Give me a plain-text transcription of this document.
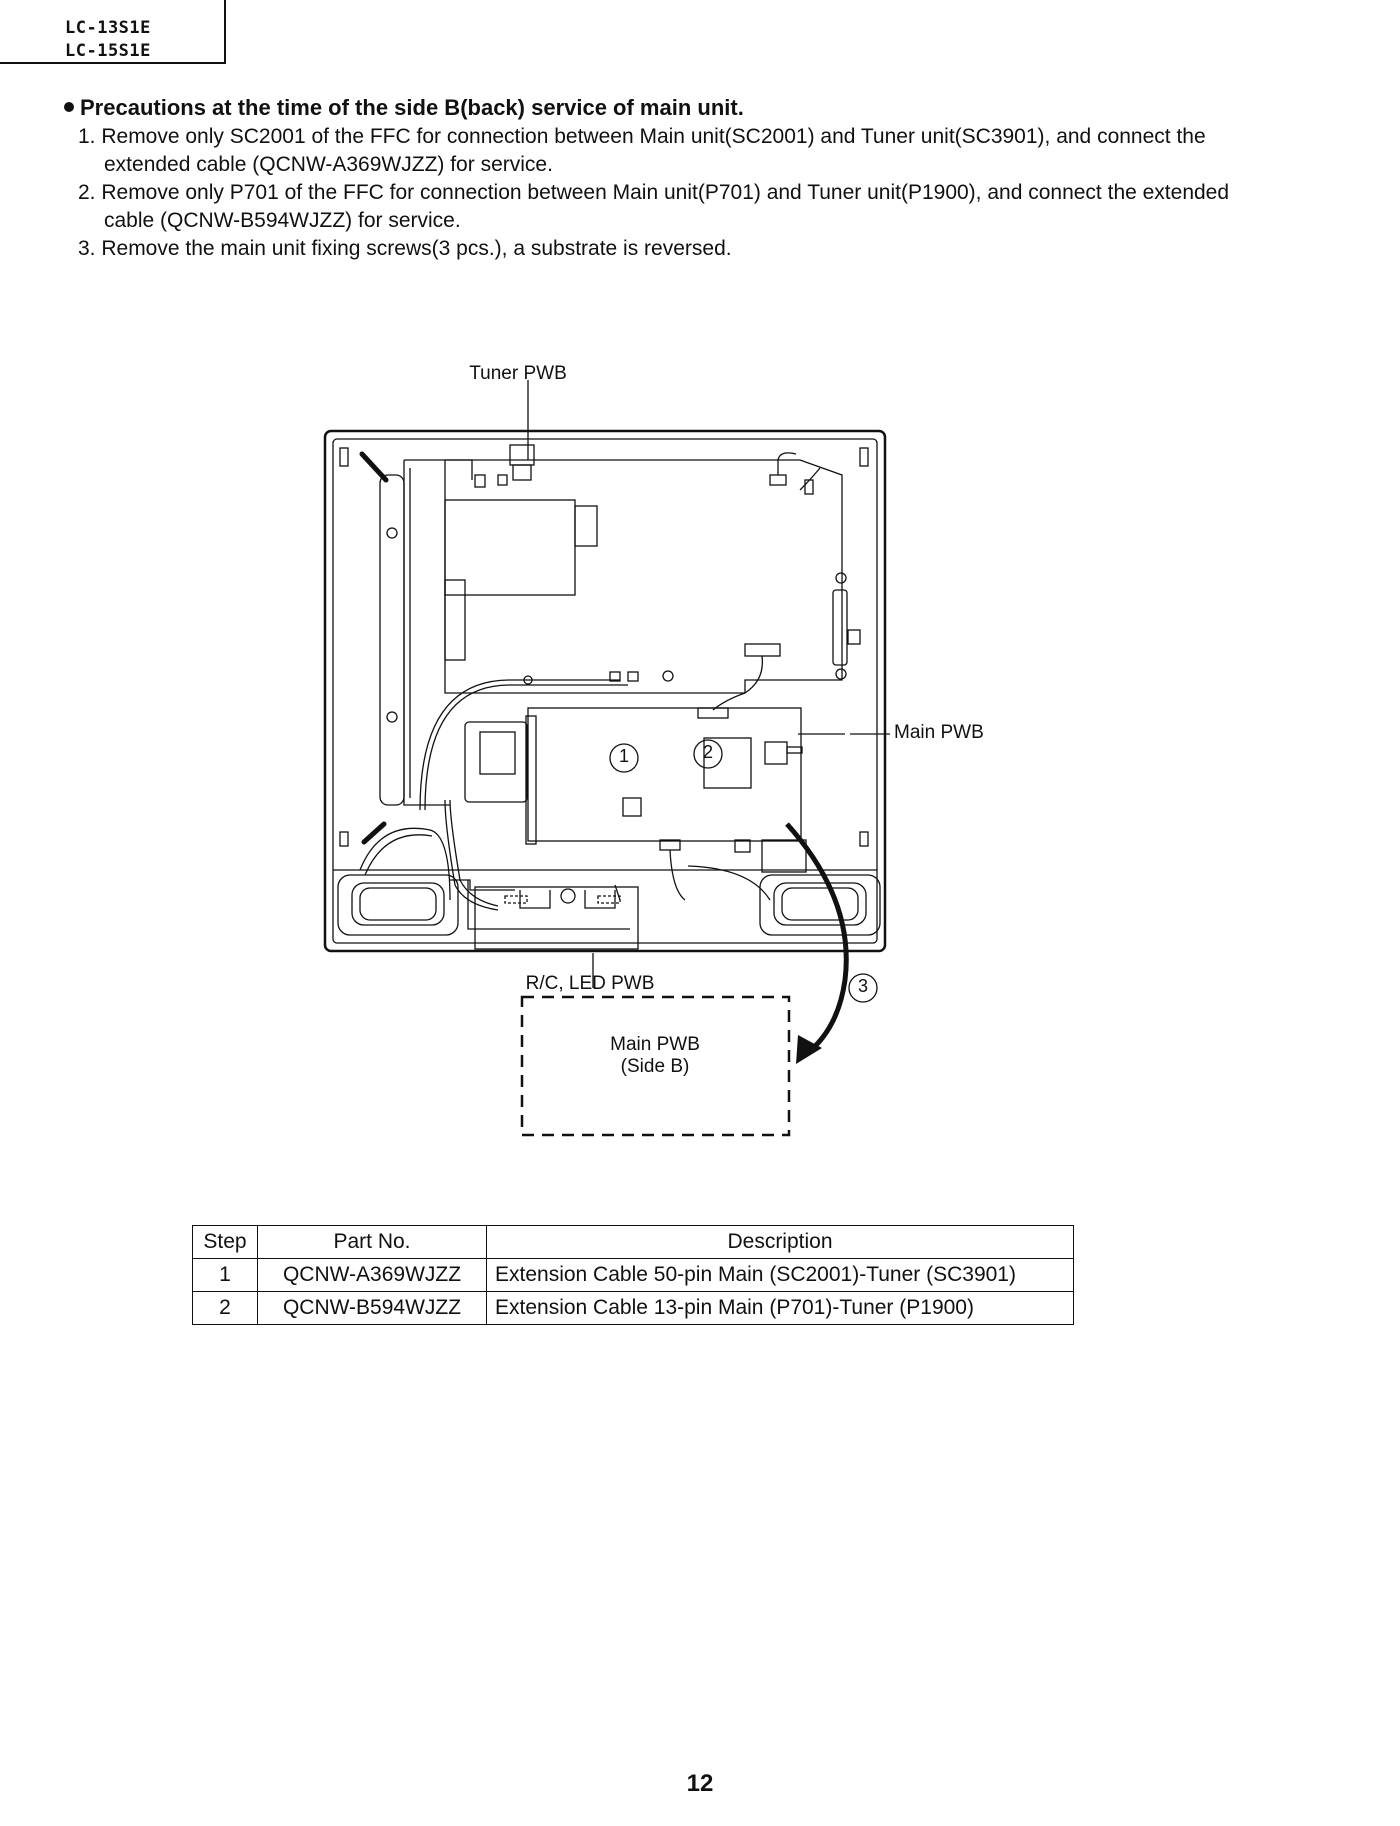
LC-13S1E
LC-15S1E
Precautions at the time of the side B(back) service of main unit.
1. Remove only SC2001 of the FFC for connection between Main unit(SC2001) and Tuner unit(SC3901), and connect the extended cable (QCNW-A369WJZZ) for service.
2. Remove only P701 of the FFC for connection between Main unit(P701) and Tuner unit(P1900), and connect the extended cable (QCNW-B594WJZZ) for service.
3. Remove the main unit fixing screws(3 pcs.), a substrate is reversed.
Tuner PWB
Main PWB
R/C, LED PWB
Main PWB
(Side B)
1	2
3
Step	Part No.	Description
1	QCNW-A369WJZZ	Extension Cable 50-pin Main (SC2001)-Tuner (SC3901)
2	QCNW-B594WJZZ	Extension Cable 13-pin Main (P701)-Tuner (P1900)
12
